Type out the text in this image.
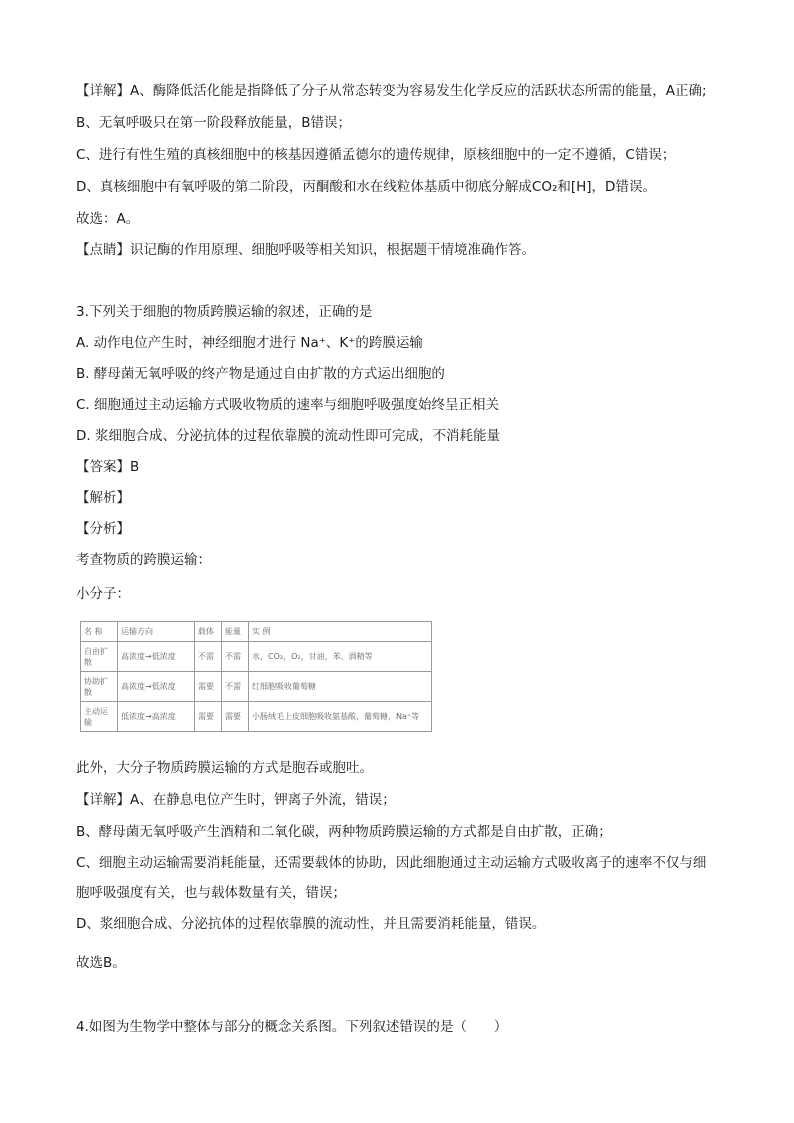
【详解】A、酶降低活化能是指降低了分子从常态转变为容易发生化学反应的活跃状态所需的能量，A正确;
B、无氧呼吸只在第一阶段释放能量，B错误；
C、进行有性生殖的真核细胞中的核基因遵循孟德尔的遗传规律，原核细胞中的一定不遵循，C错误；
D、真核细胞中有氧呼吸的第二阶段，丙酮酸和水在线粒体基质中彻底分解成CO₂和[H]，D错误。
故选：A。
【点睛】识记酶的作用原理、细胞呼吸等相关知识，根据题干情境准确作答。
3.下列关于细胞的物质跨膜运输的叙述，正确的是
A. 动作电位产生时，神经细胞才进行 Na⁺、K⁺的跨膜运输
B. 酵母菌无氧呼吸的终产物是通过自由扩散的方式运出细胞的
C. 细胞通过主动运输方式吸收物质的速率与细胞呼吸强度始终呈正相关
D. 浆细胞合成、分泌抗体的过程依靠膜的流动性即可完成，不消耗能量
【答案】B
【解析】
【分析】
考查物质的跨膜运输：
小分子：
名 称	运输方向	载体	能量	实 例
自由扩散	高浓度→低浓度	不需	不需	水，CO₂，O₂，甘油，苯、酒精等
协助扩散	高浓度→低浓度	需要	不需	红细胞吸收葡萄糖
主动运输	低浓度→高浓度	需要	需要	小肠绒毛上皮细胞吸收氨基酸，葡萄糖，Na⁺等
此外，大分子物质跨膜运输的方式是胞吞或胞吐。
【详解】A、在静息电位产生时，钾离子外流，错误；
B、酵母菌无氧呼吸产生酒精和二氧化碳，两种物质跨膜运输的方式都是自由扩散，正确；
C、细胞主动运输需要消耗能量，还需要载体的协助，因此细胞通过主动运输方式吸收离子的速率不仅与细
胞呼吸强度有关，也与载体数量有关，错误；
D、浆细胞合成、分泌抗体的过程依靠膜的流动性，并且需要消耗能量，错误。
故选B。
4.如图为生物学中整体与部分的概念关系图。下列叙述错误的是（　　）
